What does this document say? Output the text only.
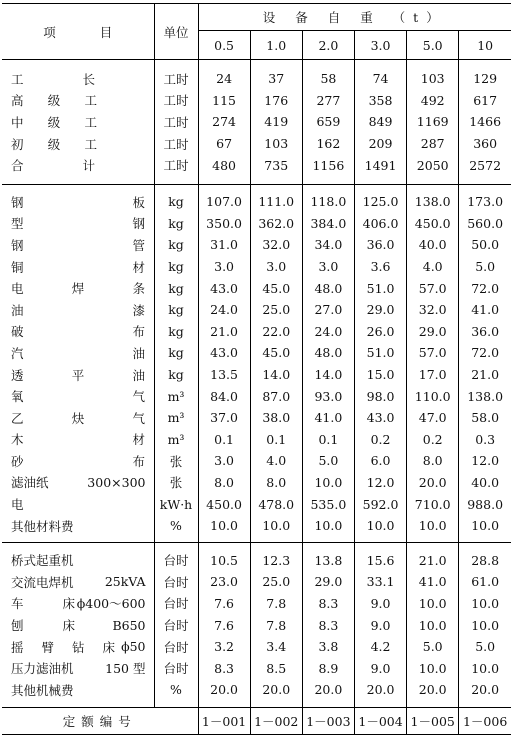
项 目	单位	设 备 自 重 （t）					
		0.5	1.0	2.0	3.0	5.0	10

工 长	工时	24	37	58	74	103	129

高 级 工	工时	115	176	277	358	492	617

中 级 工	工时	274	419	659	849	1169	1466

初 级 工	工时	67	103	162	209	287	360

合 计	工时	480	735	1156	1491	2050	2572

钢 板	kg	107.0	111.0	118.0	125.0	138.0	173.0

型 钢	kg	350.0	362.0	384.0	406.0	450.0	560.0

钢 管	kg	31.0	32.0	34.0	36.0	40.0	50.0

铜 材	kg	3.0	3.0	3.0	3.6	4.0	5.0

电 焊 条	kg	43.0	45.0	48.0	51.0	57.0	72.0

油 漆	kg	24.0	25.0	27.0	29.0	32.0	41.0

破 布	kg	21.0	22.0	24.0	26.0	29.0	36.0

汽 油	kg	43.0	45.0	48.0	51.0	57.0	72.0

透 平 油	kg	13.5	14.0	14.0	15.0	17.0	21.0

氧 气	m³	84.0	87.0	93.0	98.0	110.0	138.0

乙 炔 气	m³	37.0	38.0	41.0	43.0	47.0	58.0

木 材	m³	0.1	0.1	0.1	0.2	0.2	0.3

砂 布	张	3.0	4.0	5.0	6.0	8.0	12.0

滤油纸 300×300	张	8.0	8.0	10.0	12.0	20.0	40.0

电	kW·h	450.0	478.0	535.0	592.0	710.0	988.0
其他材料费	%	10.0	10.0	10.0	10.0	10.0	10.0

桥式起重机	台时	10.5	12.3	13.8	15.6	21.0	28.8

交流电焊机 25kVA	台时	23.0	25.0	29.0	33.1	41.0	61.0

车 床 ϕ400～600	台时	7.6	7.8	8.3	9.0	10.0	10.0

刨 床 B650	台时	7.6	7.8	8.3	9.0	10.0	10.0

摇 臂 钻 床 ϕ50	台时	3.2	3.4	3.8	4.2	5.0	5.0

压力滤油机 150 型	台时	8.3	8.5	8.9	9.0	10.0	10.0
其他机械费	%	20.0	20.0	20.0	20.0	20.0	20.0

定额编号		1－001	1－002	1－003	1－004	1－005	1－006
